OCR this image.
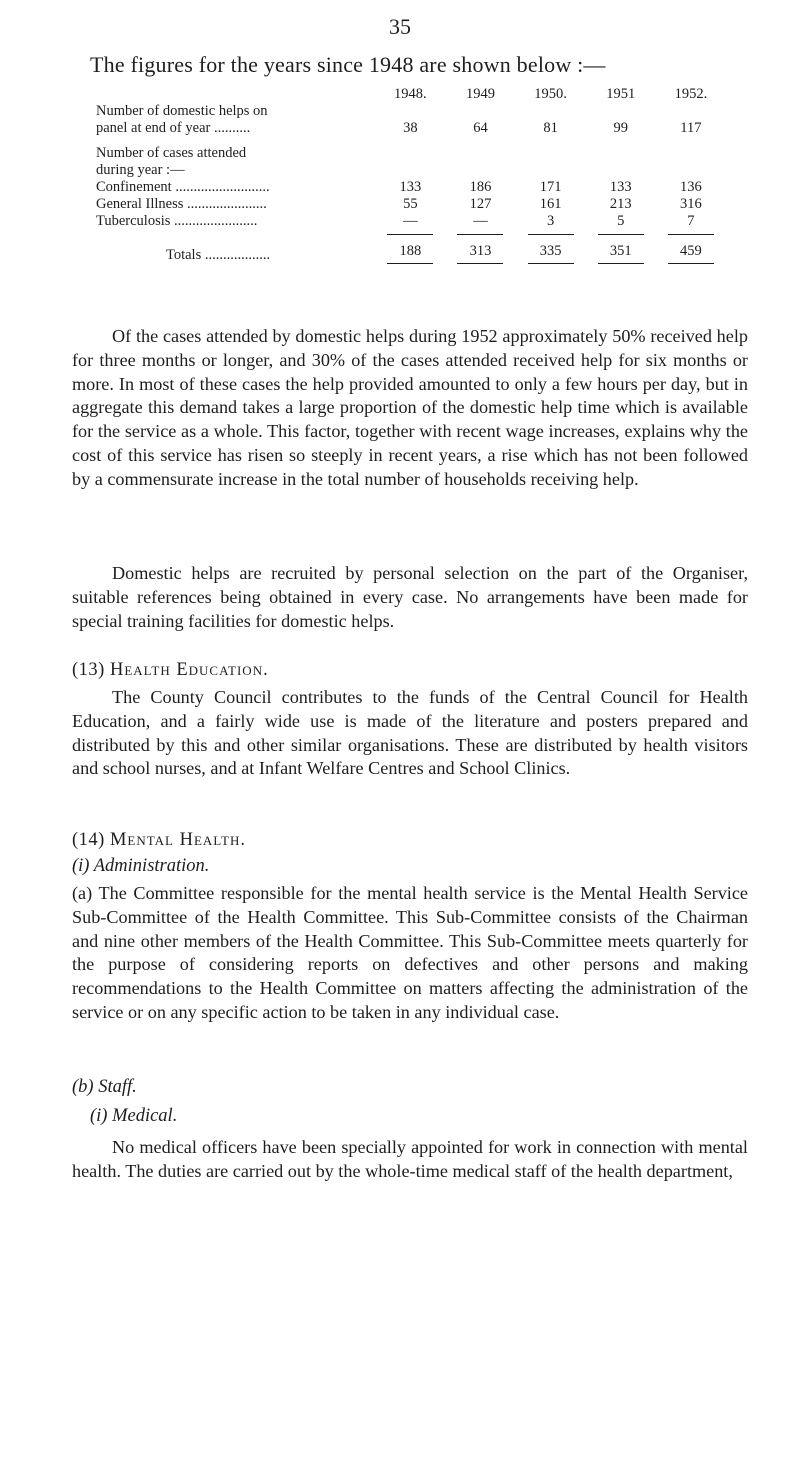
35
The figures for the years since 1948 are shown below :—
	1948.	1949	1950.	1951	1952.
Number of domestic helps on					
panel at end of year ..........	38	64	81	99	117

Number of cases attended					
during year :—					
Confinement ..........................	133	186	171	133	136
General Illness ......................	55	127	161	213	316
Tuberculosis .......................	—	—	3	5	7

Totals ..................	188	313	335	351	459
Of the cases attended by domestic helps during 1952 approximately 50% received help for three months or longer, and 30% of the cases attended received help for six months or more. In most of these cases the help provided amounted to only a few hours per day, but in aggregate this demand takes a large proportion of the domestic help time which is available for the service as a whole. This factor, together with recent wage increases, explains why the cost of this service has risen so steeply in recent years, a rise which has not been followed by a commensurate increase in the total number of households receiving help.
Domestic helps are recruited by personal selection on the part of the Organiser, suitable references being obtained in every case. No arrangements have been made for special training facilities for domestic helps.
(13) Health Education.
The County Council contributes to the funds of the Central Council for Health Education, and a fairly wide use is made of the literature and posters prepared and distributed by this and other similar organisations. These are distributed by health visitors and school nurses, and at Infant Welfare Centres and School Clinics.
(14) Mental Health.
(i) Administration.
(a) The Committee responsible for the mental health service is the Mental Health Service Sub-Committee of the Health Committee. This Sub-Committee consists of the Chairman and nine other members of the Health Committee. This Sub-Committee meets quarterly for the purpose of considering reports on defectives and other persons and making recommendations to the Health Committee on matters affecting the administration of the service or on any specific action to be taken in any individual case.
(b) Staff.
(i) Medical.
No medical officers have been specially appointed for work in connection with mental health. The duties are carried out by the whole-time medical staff of the health department,
